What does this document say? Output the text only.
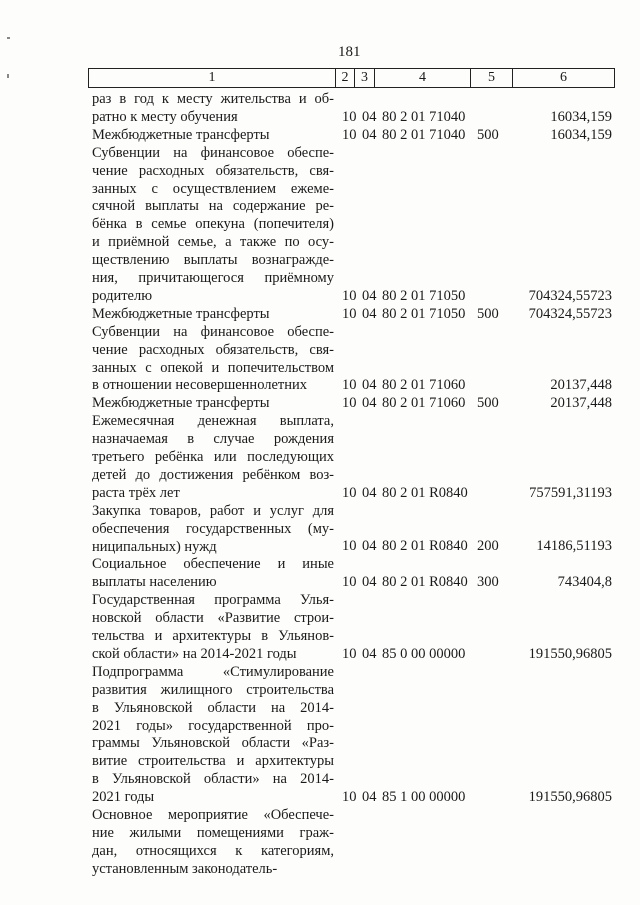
181
1	2 3	4	5	6
раз в год к месту жительства и об-
ратно к месту обучения	10 04 80 2 01 71040	16034,159
Межбюджетные трансферты	10 04 80 2 01 71040 500	16034,159
Субвенции на финансовое обеспе-
чение расходных обязательств, свя-
занных с осуществлением ежеме-
сячной выплаты на содержание ре-
бёнка в семье опекуна (попечителя)
и приёмной семье, а также по осу-
ществлению выплаты вознагражде-
ния, причитающегося приёмному
родителю	10 04 80 2 01 71050	704324,55723
Межбюджетные трансферты	10 04 80 2 01 71050 500 704324,55723
Субвенции на финансовое обеспе-
чение расходных обязательств, свя-
занных с опекой и попечительством
в отношении несовершеннолетних	10 04 80 2 01 71060	20137,448
Межбюджетные трансферты	10 04 80 2 01 71060 500	20137,448
Ежемесячная денежная выплата,
назначаемая в случае рождения
третьего ребёнка или последующих
детей до достижения ребёнком воз-
раста трёх лет	10 04 80 2 01 R0840	757591,31193
Закупка товаров, работ и услуг для
обеспечения государственных (му-
ниципальных) нужд	10 04 80 2 01 R0840 200	14186,51193
Социальное обеспечение и иные
выплаты населению	10 04 80 2 01 R0840 300	743404,8
Государственная программа Улья-
новской области «Развитие строи-
тельства и архитектуры в Ульянов-
ской области» на 2014-2021 годы	10 04 85 0 00 00000	191550,96805
Подпрограмма «Стимулирование
развития жилищного строительства
в Ульяновской области на 2014-
2021 годы» государственной про-
граммы Ульяновской области «Раз-
витие строительства и архитектуры
в Ульяновской области» на 2014-
2021 годы	10 04 85 1 00 00000	191550,96805
Основное мероприятие «Обеспече-
ние жилыми помещениями граж-
дан, относящихся к категориям,
установленным законодатель-
